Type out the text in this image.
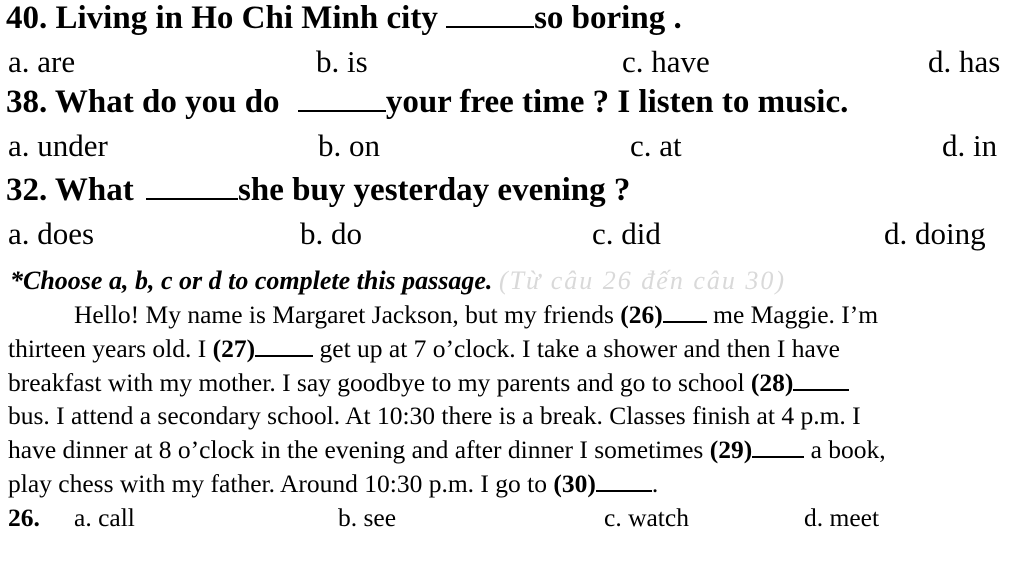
40. Living in Ho Chi Minh city	so boring .
a. are	b. is	c. have	d. has
38. What do you do	your free time ? I listen to music.
a. under	b. on	c. at	d. in
32. What	she buy yesterday evening ?
a. does	b. do	c. did	d. doing
*Choose a, b, c or d to complete this passage. (Từ câu 26 đến câu 30)
Hello! My name is Margaret Jackson, but my friends (26) me Maggie. I’m
thirteen years old. I (27)	get up at 7 o’clock. I take a shower and then I have
breakfast with my mother. I say goodbye to my parents and go to school (28)
bus. I attend a secondary school. At 10:30 there is a break. Classes finish at 4 p.m. I
have dinner at 8 o’clock in the evening and after dinner I sometimes (29) a book,
play chess with my father. Around 10:30 p.m. I go to (30) .
26. a. call	b. see	c. watch	d. meet
